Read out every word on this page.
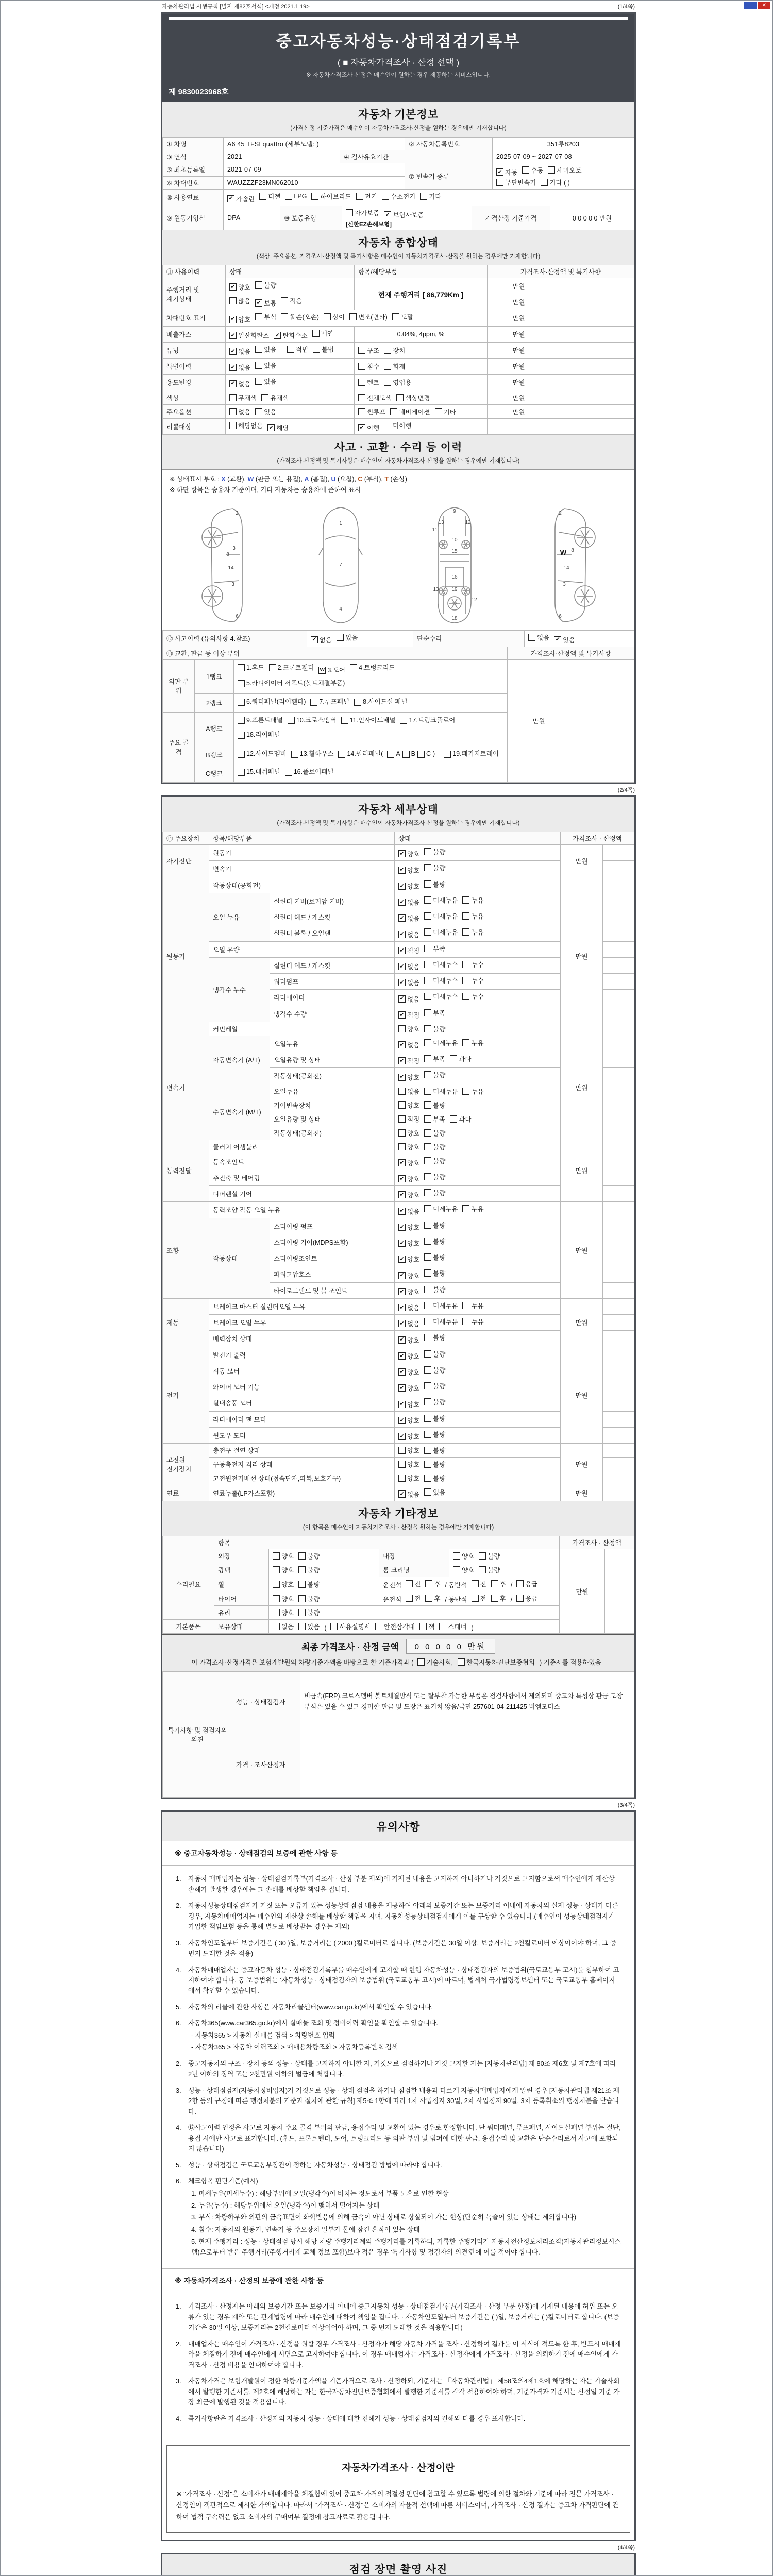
✕
자동차관리법 시행규칙 [별지 제82호서식] <개정 2021.1.19>	(1/4쪽)
중고자동차성능·상태점검기록부
( ■ 자동차가격조사 · 산정 선택 )
※ 자동차가격조사·산정은 매수인이 원하는 경우 제공하는 서비스입니다.
제 9830023968호
자동차 기본정보
(가격산정 기준가격은 매수인이 자동차가격조사·산정을 원하는 경우에만 기재합니다)
① 차명	A6 45 TFSI quattro (세부모델: )	② 자동차등록번호	351루8203
③ 연식	2021	④ 검사유효기간	2025-07-09 ~ 2027-07-08
⑤ 최초등록일	2021-07-09	⑦ 변속기 종류	
✔ 자동 수동 세미오토
무단변속기 기타 ( )

⑥ 차대번호	WAUZZZF23MN062010		
⑧ 사용연료	✔ 가솔린 디젤 LPG 하이브리드 전기 수소전기 기타
⑨ 원동기형식	DPA	⑩ 보증유형	
자가보증 ✔ 보험사보증
[신한EZ손해보험]	가격산정 기준가격	0 0 0 0 0 만원
자동차 종합상태
(색상, 주요옵션, 가격조사·산정액 및 특기사항은 매수인이 자동차가격조사·산정을 원하는 경우에만 기재합니다)
⑪ 사용이력	상태	항목/해당부품	가격조사·산정액 및 특기사항	
주행거리 및 계기상태	✔ 양호 불량	현재 주행거리 [ 86,779Km ]	만원	

	많음 ✔ 보통 적음		만원	
차대번호 표기	✔ 양호 부식 훼손(오손) 상이 변조(변타) 도말	만원	
배출가스	✔ 일산화탄소 ✔ 탄화수소 매연	0.04%, 4ppm, %	만원	
튜닝	✔ 없음 있음
적법 불법	구조 장치	만원	
특별이력	✔ 없음 있음	침수 화재	만원	
용도변경	✔ 없음 있음	렌트 영업용	만원	
색상	무채색 유채색	전체도색 색상변경	만원	
주요옵션	없음 있음	썬루프 네비게이션 기타	만원	
리콜대상	해당없음 ✔ 해당	✔ 이행 미이행		

사고 · 교환 · 수리 등 이력
(가격조사·산정액 및 특기사항은 매수인이 자동차가격조사·산정을 원하는 경우에만 기재합니다)
※ 상태표시 부호 : X (교환), W (판금 또는 용접), A (흠집), U (요철), C (부식), T (손상)
※ 하단 항목은 승용차 기준이며, 기타 자동차는 승용차에 준하여 표시
2
8
3
14
3
6
1
7
4
9
11
13	12
10
15
16
19
13
17
12
18
2
W 8
14
3
6
⑫ 사고이력 (유의사항 4.참조)	✔ 없음 있음	단순수리	없음 ✔ 있음
⑬ 교환, 판금 등 이상 부위			가격조사·산정액 및 특기사항	
외판 부위	1랭크	
1.후드 2.프론트휀더 W 3.도어 4.트렁크리드
5.라디에이터 서포트(볼트체결부품)
	만원	
	2랭크	6.쿼터패널(리어휀다) 7.루프패널 8.사이드실 패널		

주요 골격	A랭크	9.프론트패널 10.크로스멤버 11.인사이드패널 17.트렁크플로어
18.리어패널		

B랭크	12.사이드멤버 13.휠하우스 14.필러패널 ( A B C )	19.패키지트레이

	C랭크	15.대쉬패널 16.플로어패널		
(2/4쪽)
자동차 세부상태
(가격조사·산정액 및 특기사항은 매수인이 자동차가격조사·산정을 원하는 경우에만 기재합니다)
⑭ 주요장치	항목/해당부품		상태	가격조사 · 산정액	
자기진단	원동기		✔ 양호 불량	만원	
	변속기		✔ 양호 불량		

원동기	작동상태(공회전)		✔ 양호 불량	만원	
	오일 누유	실린더 커버(로커암 커버)	✔ 없음 미세누유 누유		

		실린더 헤드 / 개스킷	✔ 없음 미세누유 누유		

		실린더 블록 / 오일팬	✔ 없음 미세누유 누유		

	오일 유량		✔ 적정 부족		

	냉각수 누수	실린더 헤드 / 개스킷	✔ 없음 미세누수 누수		

		워터펌프	✔ 없음 미세누수 누수		

		라디에이터	✔ 없음 미세누수 누수		

		냉각수 수량	✔ 적정 부족		

	커먼레일		양호 불량		

변속기	자동변속기 (A/T)	오일누유	✔ 없음 미세누유 누유	만원	
		오일유량 및 상태	✔ 적정 부족 과다		

		작동상태(공회전)	✔ 양호 불량		

	수동변속기 (M/T)	오일누유	없음 미세누유 누유		

		기어변속장치	양호 불량		

		오일유량 및 상태	적정 부족 과다		

		작동상태(공회전)	양호 불량		

동력전달	클러치 어셈블리		양호 불량	만원	
	등속조인트		✔ 양호 불량		

	추진축 및 베어링		✔ 양호 불량		

	디퍼렌셜 기어		✔ 양호 불량		

조향	동력조향 작동 오일 누유		✔ 없음 미세누유 누유	만원	
	작동상태	스티어링 펌프	✔ 양호 불량		

		스티어링 기어(MDPS포함)	✔ 양호 불량		

		스티어링조인트	✔ 양호 불량		

		파워고압호스	✔ 양호 불량		

		타이로드엔드 및 볼 조인트	✔ 양호 불량		

제동	브레이크 마스터 실린더오일 누유		✔ 없음 미세누유 누유	만원	
	브레이크 오일 누유		✔ 없음 미세누유 누유		

	배력장치 상태		✔ 양호 불량		

전기	발전기 출력		✔ 양호 불량	만원	
	시동 모터		✔ 양호 불량		

	와이퍼 모터 기능		✔ 양호 불량		

	실내송풍 모터		✔ 양호 불량		

	라디에이터 팬 모터		✔ 양호 불량		

	윈도우 모터		✔ 양호 불량		

고전원 전기장치	충전구 절연 상태		양호 불량	만원	
	구동축전지 격리 상태		양호 불량		

	고전원전기배선 상태(접속단자,피복,보호기구)		양호 불량		

연료	연료누출(LP가스포함)		✔ 없음 있음	만원	
자동차 기타정보
(이 항목은 매수인이 자동차가격조사 · 산정을 원하는 경우에만 기재합니다)
	항목				가격조사 · 산정액	
수리필요	외장	양호 불량	내장	양호 불량	만원	
	광택	양호 불량	룸 크리닝	양호 불량		

휠	양호 불량	운전석 전 후 / 동반석 전 후 / 응급

타이어	양호 불량	운전석 전 후 / 동반석 전 후 / 응급

	유리	양호 불량				

기본품목	보유상태	없음 있음 ( 사용설명서 안전삼각대 잭 스패너 )
최종 가격조사 · 산정 금액	0 0 0 0 0 만원
이 가격조사·산정가격은 보험개발원의 차량기준가액을 바탕으로 한 기준가격과 ( 기술사회, 한국자동차진단보증협회 ) 기준서를 적용하였음
특기사항 및 점검자의 의견	성능 · 상태점검자	비금속(FRP),크로스멤버 볼트체결방식 또는 탈부착 가능한 부품은 점검사항에서 제외되며 중고차 특성상 판금 도장 부식은 있을 수 있고 경미한 판금 및 도장은 표기치 않음/국민 257601-04-211425 비엠모터스
	가격 · 조사산정자	
(3/4쪽)
유의사항
※ 중고자동차성능 · 상태점검의 보증에 관한 사항 등
1.	자동차 매매업자는 성능 · 상태점검기록부(가격조사 · 산정 부분 제외)에 기재된 내용을 고지하지 아니하거나 거짓으로 고지함으로써 매수인에게 재산상 손해가 발생한 경우에는 그 손해를 배상할 책임을 집니다.
2.	자동차성능상태점검자가 거짓 또는 오류가 있는 성능상태점검 내용을 제공하여 아래의 보증기간 또는 보증거리 이내에 자동차의 실제 성능 · 상태가 다른 경우, 자동차매매업자는 매수인의 재산상 손해를 배상할 책임을 지며, 자동차성능상태점검자에게 이를 구상할 수 있습니다.(매수인이 성능상태점검자가 가입한 책임보험 등을 통해 별도로 배상받는 경우는 제외)
3.	자동차인도일부터 보증기간은 ( 30 )일, 보증거리는 ( 2000 )킬로미터로 합니다. (보증기간은 30일 이상, 보증거리는 2천킬로미터 이상이어야 하며, 그 중 먼저 도래한 것을 적용)
4.	자동차매매업자는 중고자동차 성능 · 상태점검기록부를 매수인에게 고지할 때 현행 자동차성능 · 상태점검자의 보증범위(국토교통부 고시)를 첨부하여 고지하여야 합니다. 동 보증범위는 '자동차성능 · 상태점검자의 보증범위'(국토교통부 고시)에 따르며, 법제처 국가법령정보센터 또는 국토교통부 홈페이지에서 확인할 수 있습니다.
5.	자동차의 리콜에 관한 사항은 자동차리콜센터(www.car.go.kr)에서 확인할 수 있습니다.
6.	자동차365(www.car365.go.kr)에서 실매물 조회 및 정비이력 확인을 확인할 수 있습니다.
- 자동차365 > 자동차 실매물 검색 > 차량번호 입력
- 자동차365 > 자동차 이력조회 > 매매용차량조회 > 자동차등록번호 검색
2.	중고자동차의 구조 · 장치 등의 성능 · 상태를 고지하지 아니한 자, 거짓으로 점검하거나 거짓 고지한 자는 [자동차관리법] 제 80조 제6호 및 제7호에 따라 2년 이하의 징역 또는 2천만원 이하의 벌금에 처합니다.
3.	성능 · 상태점검자(자동차정비업자)가 거짓으로 성능 · 상태 점검을 하거나 점검한 내용과 다르게 자동차매매업자에게 알린 경우 [자동차관리법 제21조 제2항 등의 규정에 따른 행정처분의 기준과 절차에 관한 규칙] 제5조 1항에 따라 1차 사업정지 30일, 2차 사업정지 90일, 3차 등록취소의 행정처분을 받습니다.
4.	⑫사고이력 인정은 사고로 자동차 주요 골격 부위의 판금, 용접수리 및 교환이 있는 경우로 한정합니다. 단 쿼터패널, 루프패널, 사이드실패널 부위는 절단, 용접 시에만 사고로 표기합니다. (후드, 프론트펜더, 도어, 트렁크리드 등 외판 부위 및 범퍼에 대한 판금, 용접수리 및 교환은 단순수리로서 사고에 포함되지 않습니다)
5.	성능 · 상태점검은 국토교통부장관이 정하는 자동차성능 · 상태점검 방법에 따라야 합니다.
6.	체크항목 판단기준(예시)
1. 미세누유(미세누수) : 해당부위에 오일(냉각수)이 비치는 정도로서 부품 노후로 인한 현상
2. 누유(누수) : 해당부위에서 오일(냉각수)이 맺혀서 떨어지는 상태
3. 부식: 차량하부와 외판의 금속표면이 화학반응에 의해 금속이 아닌 상태로 상실되어 가는 현상(단순히 녹슬어 있는 상태는 제외합니다)
4. 침수: 자동차의 원동기, 변속기 등 주요장치 일부가 물에 잠긴 흔적이 있는 상태
5. 현재 주행거리 : 성능 · 상태점검 당시 해당 차량 주행거리계의 주행거리를 기록하되, 기록한 주행거리가 자동차전산정보처리조직(자동차관리정보시스템)으로부터 받은 주행거리(주행거리계 교체 정보 포함)보다 적은 경우 '특기사항 및 점검자의 의견'란에 이를 적어야 합니다.
※ 자동차가격조사 · 산정의 보증에 관한 사항 등
1.	가격조사 · 산정자는 아래의 보증기간 또는 보증거리 이내에 중고자동차 성능 · 상태점검기록부(가격조사 · 산정 부분 한정)에 기재된 내용에 허위 또는 오류가 있는 경우 계약 또는 관계법령에 따라 매수인에 대하여 책임을 집니다. · 자동차인도일부터 보증기간은 ( )일, 보증거리는 ( )킬로미터로 합니다. (보증기간은 30일 이상, 보증거리는 2천킬로미터 이상이어야 하며, 그 중 먼저 도래한 것을 적용합니다)
2.	매매업자는 매수인이 가격조사 · 산정을 원할 경우 가격조사 · 산정자가 해당 자동차 가격을 조사 · 산정하여 결과를 이 서식에 적도록 한 후, 반드시 매매계약을 체결하기 전에 매수인에게 서면으로 고지하여야 합니다. 이 경우 매매업자는 가격조사 · 산정자에게 가격조사 · 산정을 의뢰하기 전에 매수인에게 가격조사 · 산정 비용을 안내하여야 합니다.
3.	자동차가격은 보험개발원이 정한 차량기준가액을 기준가격으로 조사 · 산정하되, 기준서는 「자동차관리법」 제58조의4제1호에 해당하는 자는 기술사회에서 발행한 기준서를, 제2호에 해당하는 자는 한국자동차진단보증협회에서 발행한 기준서를 각각 적용하여야 하며, 기준가격과 기준서는 산정일 기준 가장 최근에 발행된 것을 적용합니다.
4.	특기사항란은 가격조사 · 산정자의 자동차 성능 · 상태에 대한 견해가 성능 · 상태점검자의 견해와 다를 경우 표시합니다.
자동차가격조사 · 산정이란
※ "가격조사 · 산정"은 소비자가 매매계약을 체결함에 있어 중고차 가격의 적절성 판단에 참고할 수 있도록 법령에 의한 절차와 기준에 따라 전문 가격조사 · 산정인이 객관적으로 제시한 가액입니다. 따라서 "가격조사 · 산정"은 소비자의 자율적 선택에 따른 서비스이며, 가격조사 · 산정 결과는 중고차 가격판단에 관하여 법적 구속력은 없고 소비자의 구매여부 결정에 참고자료로 활용됩니다.
(4/4쪽)
점검 장면 촬영 사진
